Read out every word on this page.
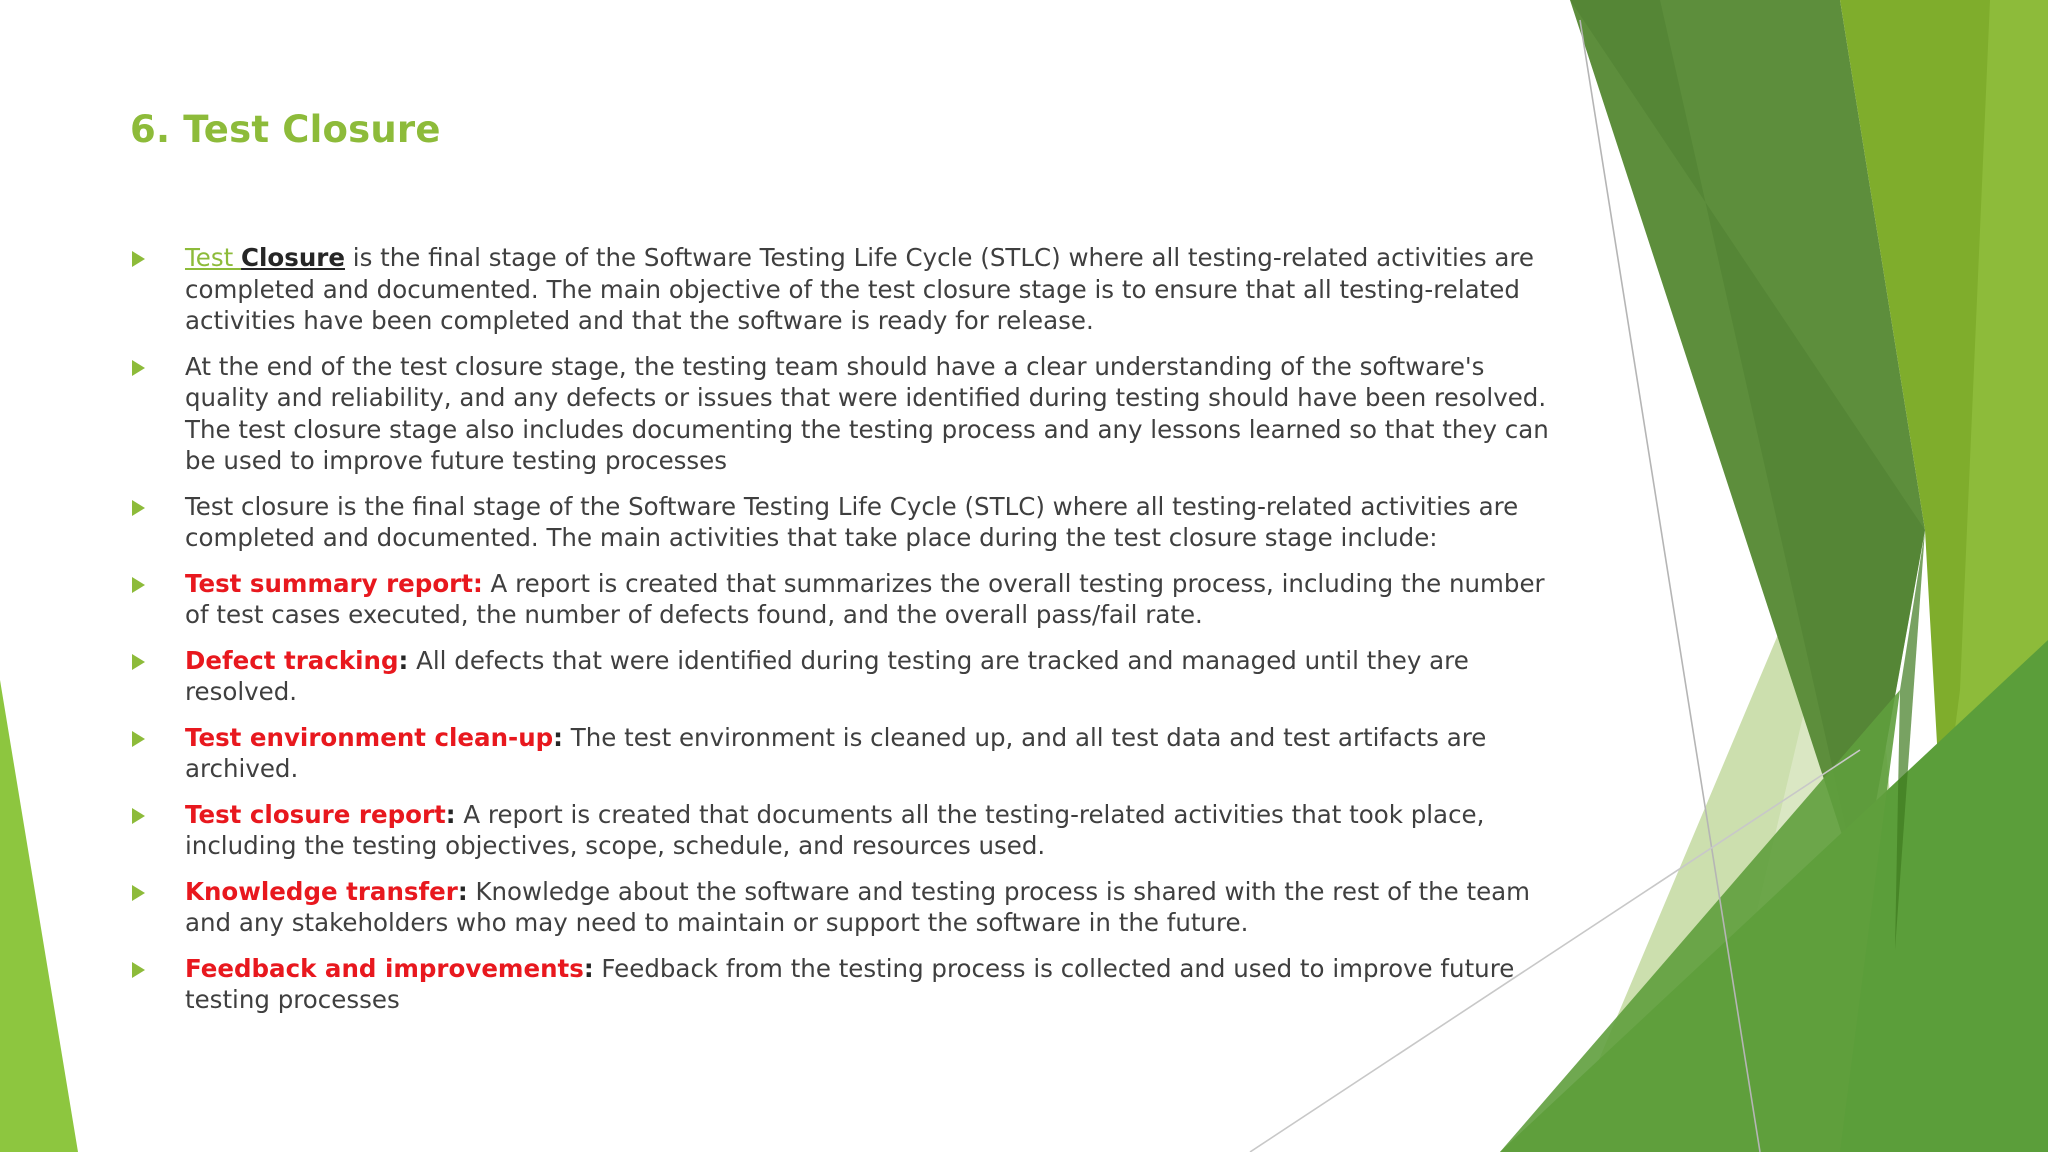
6. Test Closure
Test Closure is the final stage of the Software Testing Life Cycle (STLC) where all testing-related activities are completed and documented. The main objective of the test closure stage is to ensure that all testing-related activities have been completed and that the software is ready for release.
At the end of the test closure stage, the testing team should have a clear understanding of the software's quality and reliability, and any defects or issues that were identified during testing should have been resolved. The test closure stage also includes documenting the testing process and any lessons learned so that they can be used to improve future testing processes
Test closure is the final stage of the Software Testing Life Cycle (STLC) where all testing-related activities are completed and documented. The main activities that take place during the test closure stage include:
Test summary report: A report is created that summarizes the overall testing process, including the number of test cases executed, the number of defects found, and the overall pass/fail rate.
Defect tracking: All defects that were identified during testing are tracked and managed until they are resolved.
Test environment clean-up: The test environment is cleaned up, and all test data and test artifacts are archived.
Test closure report: A report is created that documents all the testing-related activities that took place, including the testing objectives, scope, schedule, and resources used.
Knowledge transfer: Knowledge about the software and testing process is shared with the rest of the team and any stakeholders who may need to maintain or support the software in the future.
Feedback and improvements: Feedback from the testing process is collected and used to improve future testing processes
